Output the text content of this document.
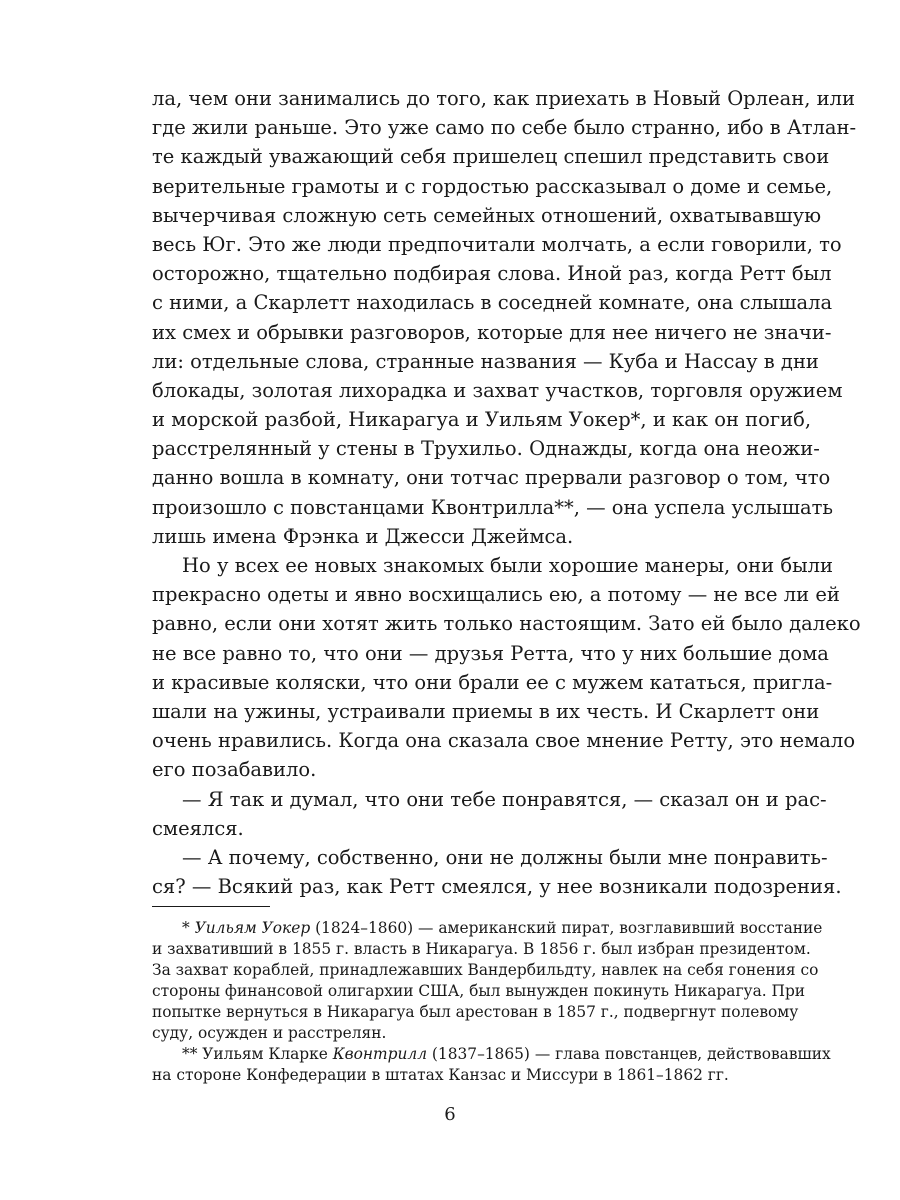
ла, чем они занимались до того, как приехать в Новый Орлеан, или
где жили раньше. Это уже само по себе было странно, ибо в Атлан-
те каждый уважающий себя пришелец спешил представить свои
верительные грамоты и с гордостью рассказывал о доме и семье,
вычерчивая сложную сеть семейных отношений, охватывавшую
весь Юг. Это же люди предпочитали молчать, а если говорили, то
осторожно, тщательно подбирая слова. Иной раз, когда Ретт был
с ними, а Скарлетт находилась в соседней комнате, она слышала
их смех и обрывки разговоров, которые для нее ничего не значи-
ли: отдельные слова, странные названия — Куба и Нассау в дни
блокады, золотая лихорадка и захват участков, торговля оружием
и морской разбой, Никарагуа и Уильям Уокер*, и как он погиб,
расстрелянный у стены в Трухильо. Однажды, когда она неожи-
данно вошла в комнату, они тотчас прервали разговор о том, что
произошло с повстанцами Квонтрилла**, — она успела услышать
лишь имена Фрэнка и Джесси Джеймса.
Но у всех ее новых знакомых были хорошие манеры, они были
прекрасно одеты и явно восхищались ею, а потому — не все ли ей
равно, если они хотят жить только настоящим. Зато ей было далеко
не все равно то, что они — друзья Ретта, что у них большие дома
и красивые коляски, что они брали ее с мужем кататься, пригла-
шали на ужины, устраивали приемы в их честь. И Скарлетт они
очень нравились. Когда она сказала свое мнение Ретту, это немало
его позабавило.
— Я так и думал, что они тебе понравятся, — сказал он и рас-
смеялся.
— А почему, собственно, они не должны были мне понравить-
ся? — Всякий раз, как Ретт смеялся, у нее возникали подозрения.
* Уильям Уокер (1824–1860) — американский пират, возглавивший восстание
и захвативший в 1855 г. власть в Никарагуа. В 1856 г. был избран президентом.
За захват кораблей, принадлежавших Вандербильдту, навлек на себя гонения со
стороны финансовой олигархии США, был вынужден покинуть Никарагуа. При
попытке вернуться в Никарагуа был арестован в 1857 г., подвергнут полевому
суду, осужден и расстрелян.
** Уильям Кларке Квонтрилл (1837–1865) — глава повстанцев, действовавших
на стороне Конфедерации в штатах Канзас и Миссури в 1861–1862 гг.
6
